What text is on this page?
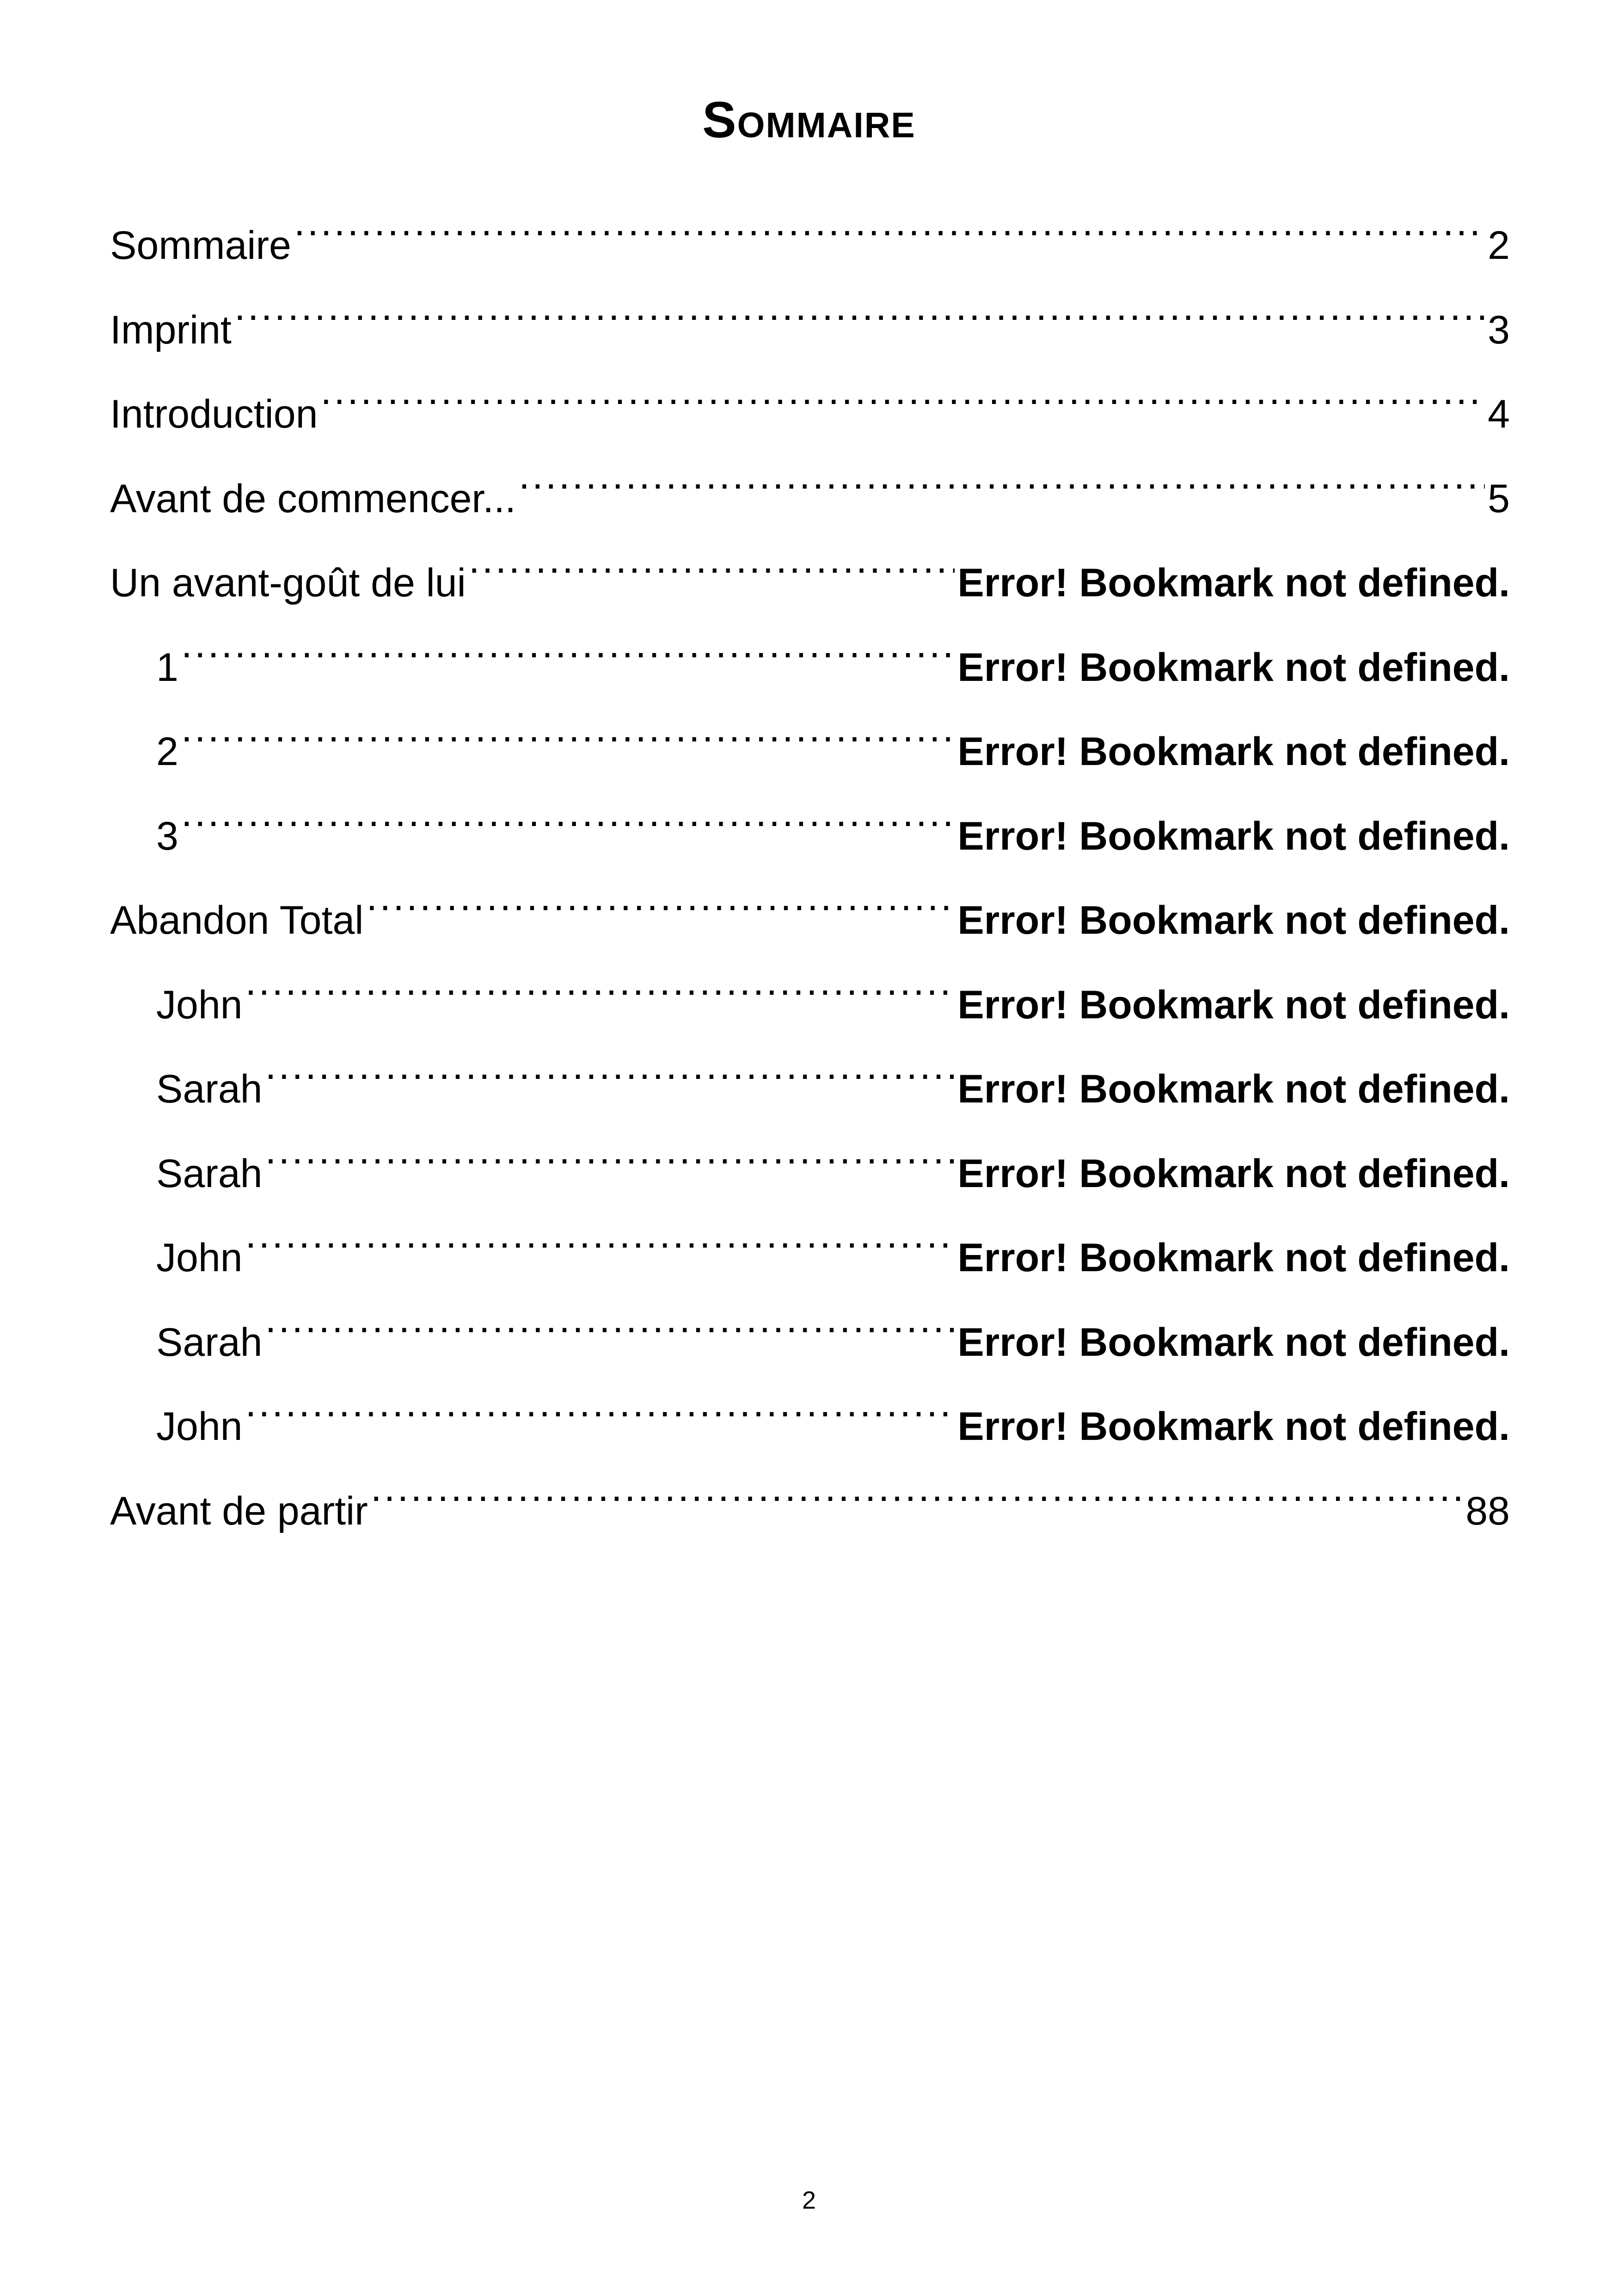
Sommaire
Sommaire .....	2
Imprint .....	3
Introduction .....	4
Avant de commencer... .....	5
Un avant-goût de lui .....	Error! Bookmark not defined.
1 .....	Error! Bookmark not defined.
2 .....	Error! Bookmark not defined.
3 .....	Error! Bookmark not defined.
Abandon Total .....	Error! Bookmark not defined.
John .....	Error! Bookmark not defined.
Sarah .....	Error! Bookmark not defined.
Sarah .....	Error! Bookmark not defined.
John .....	Error! Bookmark not defined.
Sarah .....	Error! Bookmark not defined.
John .....	Error! Bookmark not defined.
Avant de partir .....	88
2
